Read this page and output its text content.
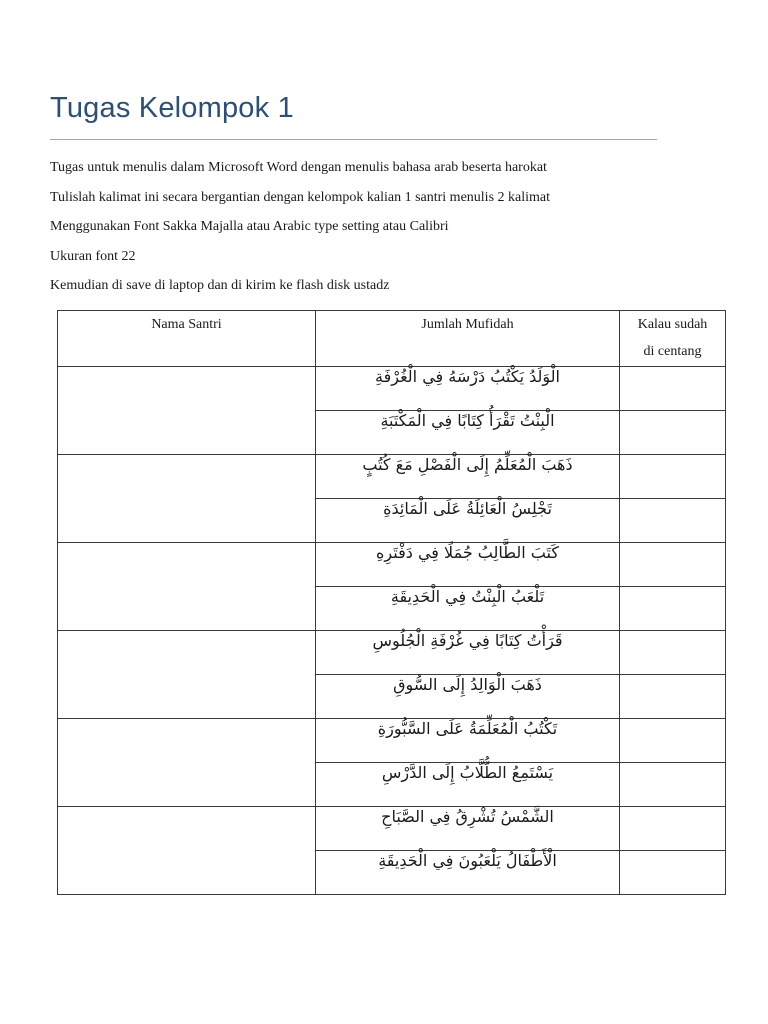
Tugas Kelompok 1
Tugas untuk menulis dalam Microsoft Word dengan menulis bahasa arab beserta harokat
Tulislah kalimat ini secara bergantian dengan kelompok kalian 1 santri menulis 2 kalimat
Menggunakan Font Sakka Majalla atau Arabic type setting atau Calibri
Ukuran font 22
Kemudian di save di laptop dan di kirim ke flash disk ustadz
Nama Santri	Jumlah Mufidah	Kalau sudah
di centang
	الْوَلَدُ يَكْتُبُ دَرْسَهُ فِي الْغُرْفَةِ	
	الْبِنْتُ تَقْرَأُ كِتَابًا فِي الْمَكْتَبَةِ	
	ذَهَبَ الْمُعَلِّمُ إِلَى الْفَصْلِ مَعَ كُتُبٍ	
	تَجْلِسُ الْعَائِلَةُ عَلَى الْمَائِدَةِ	
	كَتَبَ الطَّالِبُ جُمَلًا فِي دَفْتَرِهِ	
	تَلْعَبُ الْبِنْتُ فِي الْحَدِيقَةِ	
	قَرَأْتُ كِتَابًا فِي غُرْفَةِ الْجُلُوسِ	
	ذَهَبَ الْوَالِدُ إِلَى السُّوقِ	
	تَكْتُبُ الْمُعَلِّمَةُ عَلَى السَّبُّورَةِ	
	يَسْتَمِعُ الطُّلَّابُ إِلَى الدَّرْسِ	
	الشَّمْسُ تُشْرِقُ فِي الصَّبَاحِ	
	الْأَطْفَالُ يَلْعَبُونَ فِي الْحَدِيقَةِ	
